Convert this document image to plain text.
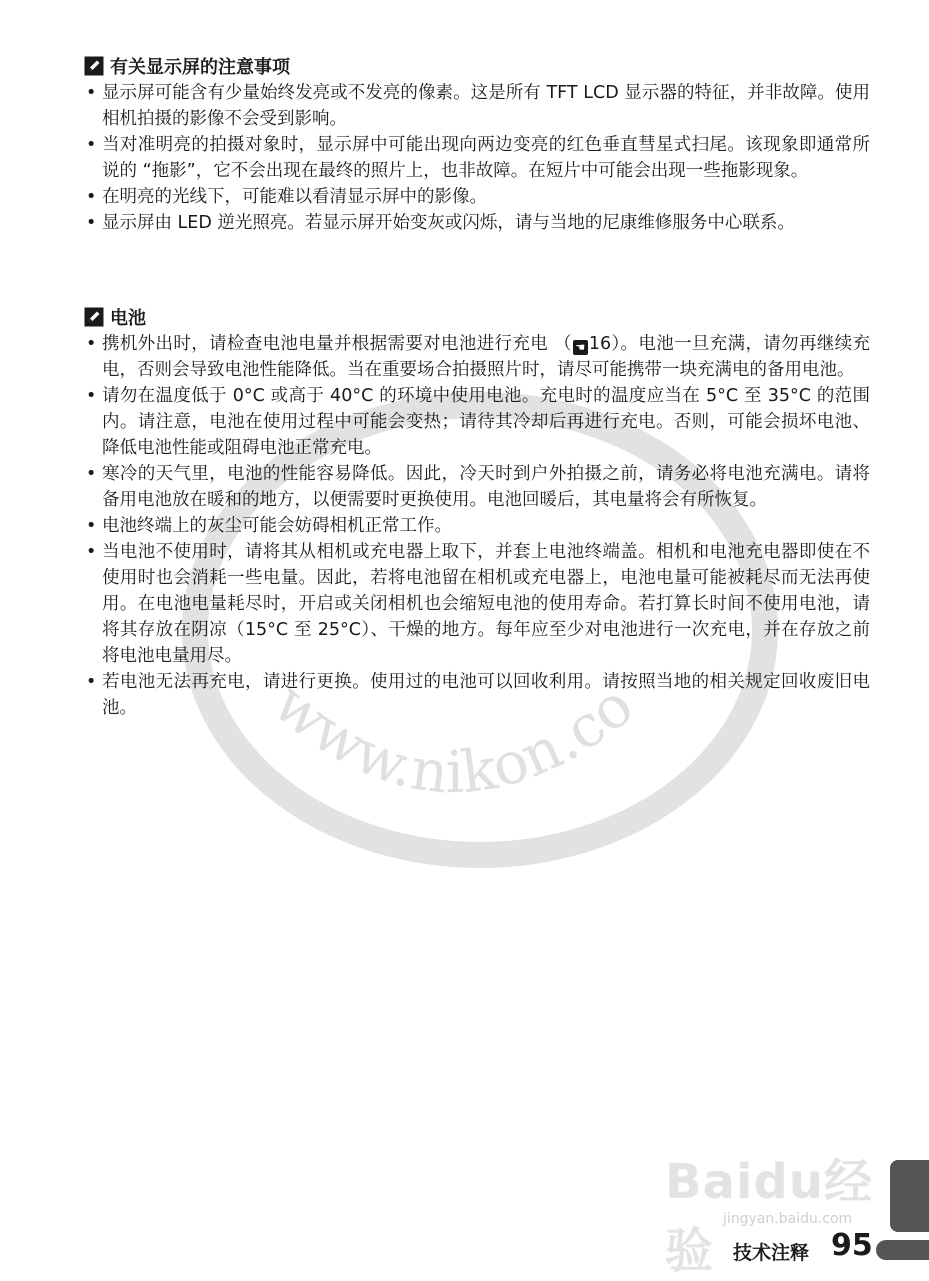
www.nikon.co
有关显示屏的注意事项
• 显示屏可能含有少量始终发亮或不发亮的像素。这是所有 TFT LCD 显示器的特征，并非故障。使用相机拍摄的影像不会受到影响。
• 当对准明亮的拍摄对象时，显示屏中可能出现向两边变亮的红色垂直彗星式扫尾。该现象即通常所说的 “拖影”，它不会出现在最终的照片上，也非故障。在短片中可能会出现一些拖影现象。
• 在明亮的光线下，可能难以看清显示屏中的影像。
• 显示屏由 LED 逆光照亮。若显示屏开始变灰或闪烁，请与当地的尼康维修服务中心联系。
电池
• 携机外出时，请检查电池电量并根据需要对电池进行充电 （ ☚ 16）。电池一旦充满，请勿再继续充电，否则会导致电池性能降低。当在重要场合拍摄照片时，请尽可能携带一块充满电的备用电池。
• 请勿在温度低于 0°C 或高于 40°C 的环境中使用电池。充电时的温度应当在 5°C 至 35°C 的范围内。请注意，电池在使用过程中可能会变热；请待其冷却后再进行充电。否则，可能会损坏电池、降低电池性能或阻碍电池正常充电。
• 寒冷的天气里，电池的性能容易降低。因此，冷天时到户外拍摄之前，请务必将电池充满电。请将备用电池放在暖和的地方，以便需要时更换使用。电池回暖后，其电量将会有所恢复。
• 电池终端上的灰尘可能会妨碍相机正常工作。
• 当电池不使用时，请将其从相机或充电器上取下，并套上电池终端盖。相机和电池充电器即使在不使用时也会消耗一些电量。因此，若将电池留在相机或充电器上，电池电量可能被耗尽而无法再使用。在电池电量耗尽时，开启或关闭相机也会缩短电池的使用寿命。若打算长时间不使用电池，请将其存放在阴凉（15°C 至 25°C）、干燥的地方。每年应至少对电池进行一次充电，并在存放之前将电池电量用尽。
• 若电池无法再充电，请进行更换。使用过的电池可以回收利用。请按照当地的相关规定回收废旧电池。
Baidu经验
jingyan.baidu.com
技术注释 95
